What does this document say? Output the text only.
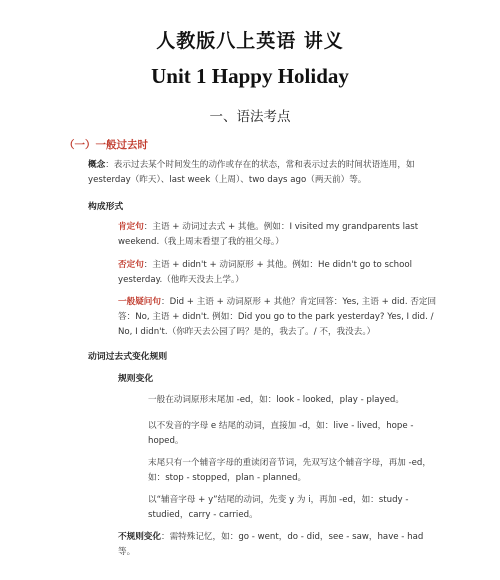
人教版八上英语 讲义
Unit 1 Happy Holiday
一、语法考点
（一）一般过去时
概念：表示过去某个时间发生的动作或存在的状态，常和表示过去的时间状语连用，如 yesterday（昨天）、last week（上周）、two days ago（两天前）等。
构成形式
肯定句：主语 + 动词过去式 + 其他。例如：I visited my grandparents last weekend.（我上周末看望了我的祖父母。）
否定句：主语 + didn't + 动词原形 + 其他。例如：He didn't go to school yesterday.（他昨天没去上学。）
一般疑问句：Did + 主语 + 动词原形 + 其他？肯定回答：Yes, 主语 + did. 否定回答：No, 主语 + didn't. 例如：Did you go to the park yesterday? Yes, I did. / No, I didn't.（你昨天去公园了吗？是的，我去了。/ 不，我没去。）
动词过去式变化规则
规则变化
一般在动词原形末尾加 -ed，如：look - looked，play - played。
以不发音的字母 e 结尾的动词，直接加 -d，如：live - lived，hope - hoped。
末尾只有一个辅音字母的重读闭音节词，先双写这个辅音字母，再加 -ed，如：stop - stopped，plan - planned。
以“辅音字母 + y”结尾的动词，先变 y 为 i，再加 -ed，如：study - studied，carry - carried。
不规则变化：需特殊记忆，如：go - went，do - did，see - saw，have - had 等。
